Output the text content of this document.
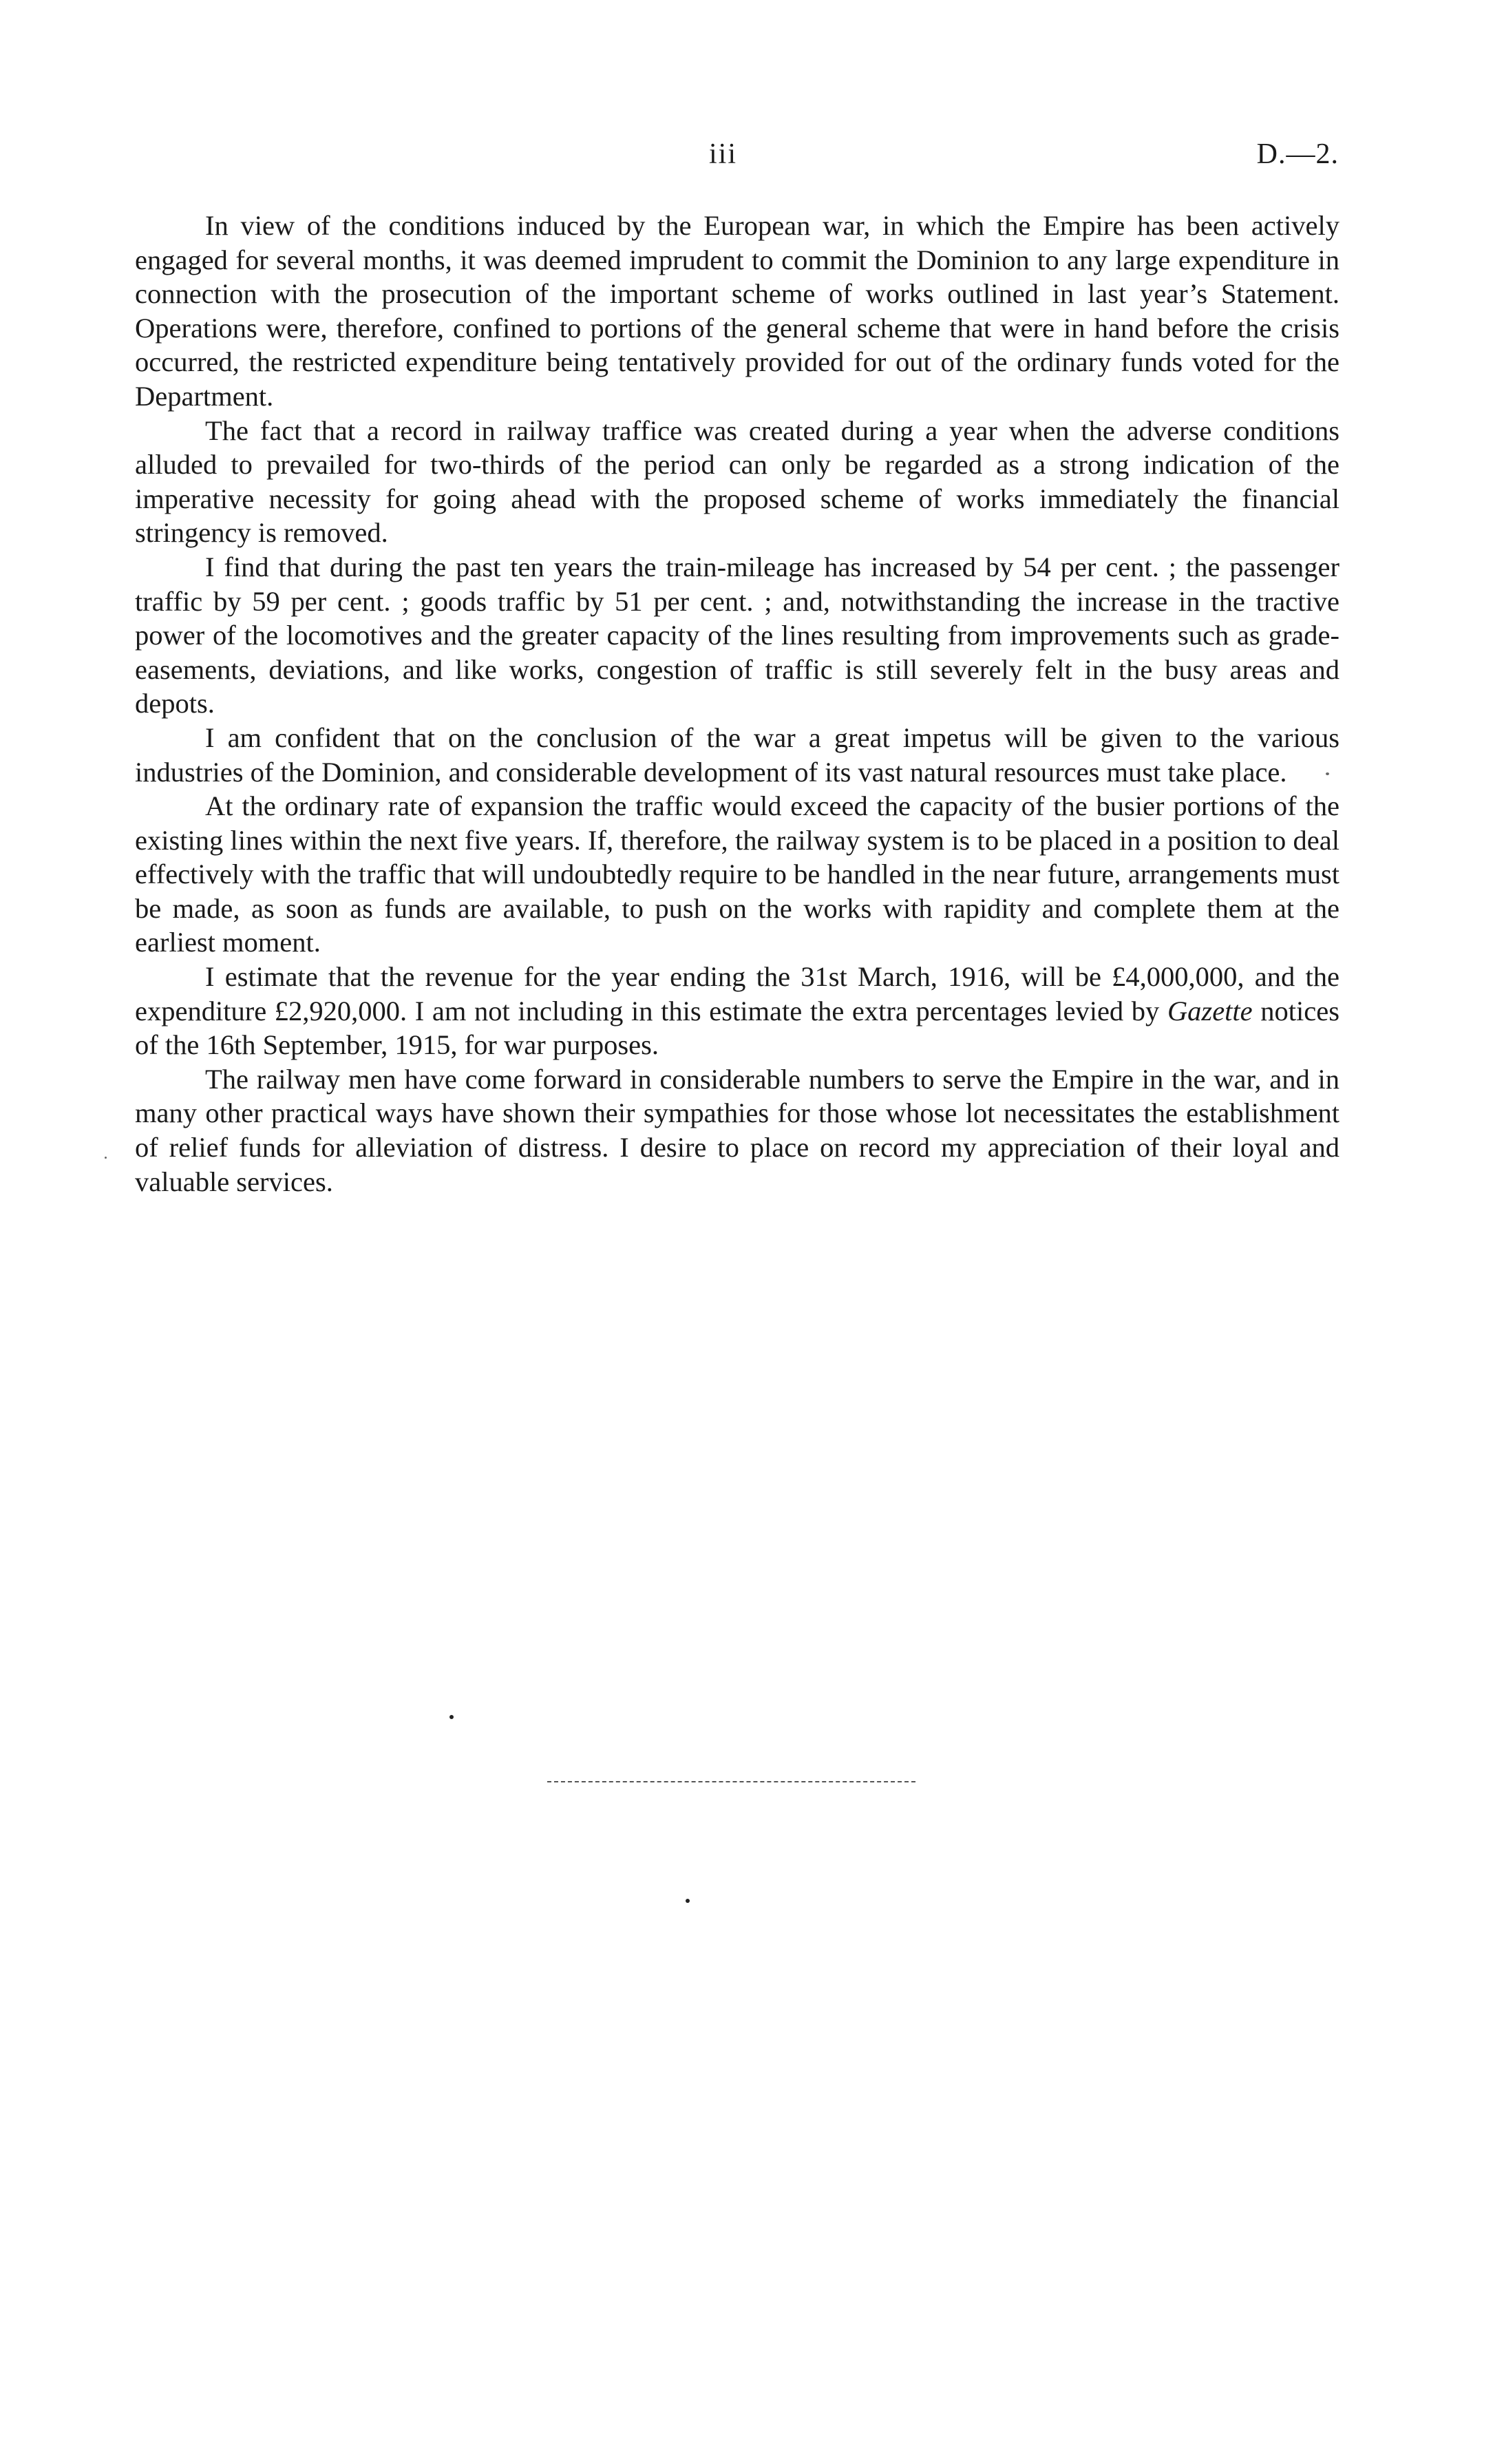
iii	D.—2.

In view of the conditions induced by the European war, in which the Empire has been actively engaged for several months, it was deemed imprudent to commit the Dominion to any large expenditure in connection with the prosecution of the important scheme of works outlined in last year’s Statement. Operations were, therefore, confined to portions of the general scheme that were in hand before the crisis occurred, the restricted expenditure being tentatively provided for out of the ordinary funds voted for the Department.

The fact that a record in railway traffice was created during a year when the adverse conditions alluded to prevailed for two-thirds of the period can only be regarded as a strong indication of the imperative necessity for going ahead with the proposed scheme of works immediately the financial stringency is removed.

I find that during the past ten years the train-mileage has increased by 54 per cent. ; the passenger traffic by 59 per cent. ; goods traffic by 51 per cent. ; and, notwithstanding the increase in the tractive power of the locomotives and the greater capacity of the lines resulting from improvements such as grade-easements, deviations, and like works, congestion of traffic is still severely felt in the busy areas and depots.

I am confident that on the conclusion of the war a great impetus will be given to the various industries of the Dominion, and considerable development of its vast natural resources must take place.

At the ordinary rate of expansion the traffic would exceed the capacity of the busier portions of the existing lines within the next five years. If, therefore, the railway system is to be placed in a position to deal effectively with the traffic that will undoubtedly require to be handled in the near future, arrangements must be made, as soon as funds are available, to push on the works with rapidity and complete them at the earliest moment.

I estimate that the revenue for the year ending the 31st March, 1916, will be £4,000,000, and the expenditure £2,920,000. I am not including in this estimate the extra percentages levied by Gazette notices of the 16th September, 1915, for war purposes.

The railway men have come forward in considerable numbers to serve the Empire in the war, and in many other practical ways have shown their sympathies for those whose lot necessitates the establishment of relief funds for alleviation of distress. I desire to place on record my appreciation of their loyal and valuable services.
